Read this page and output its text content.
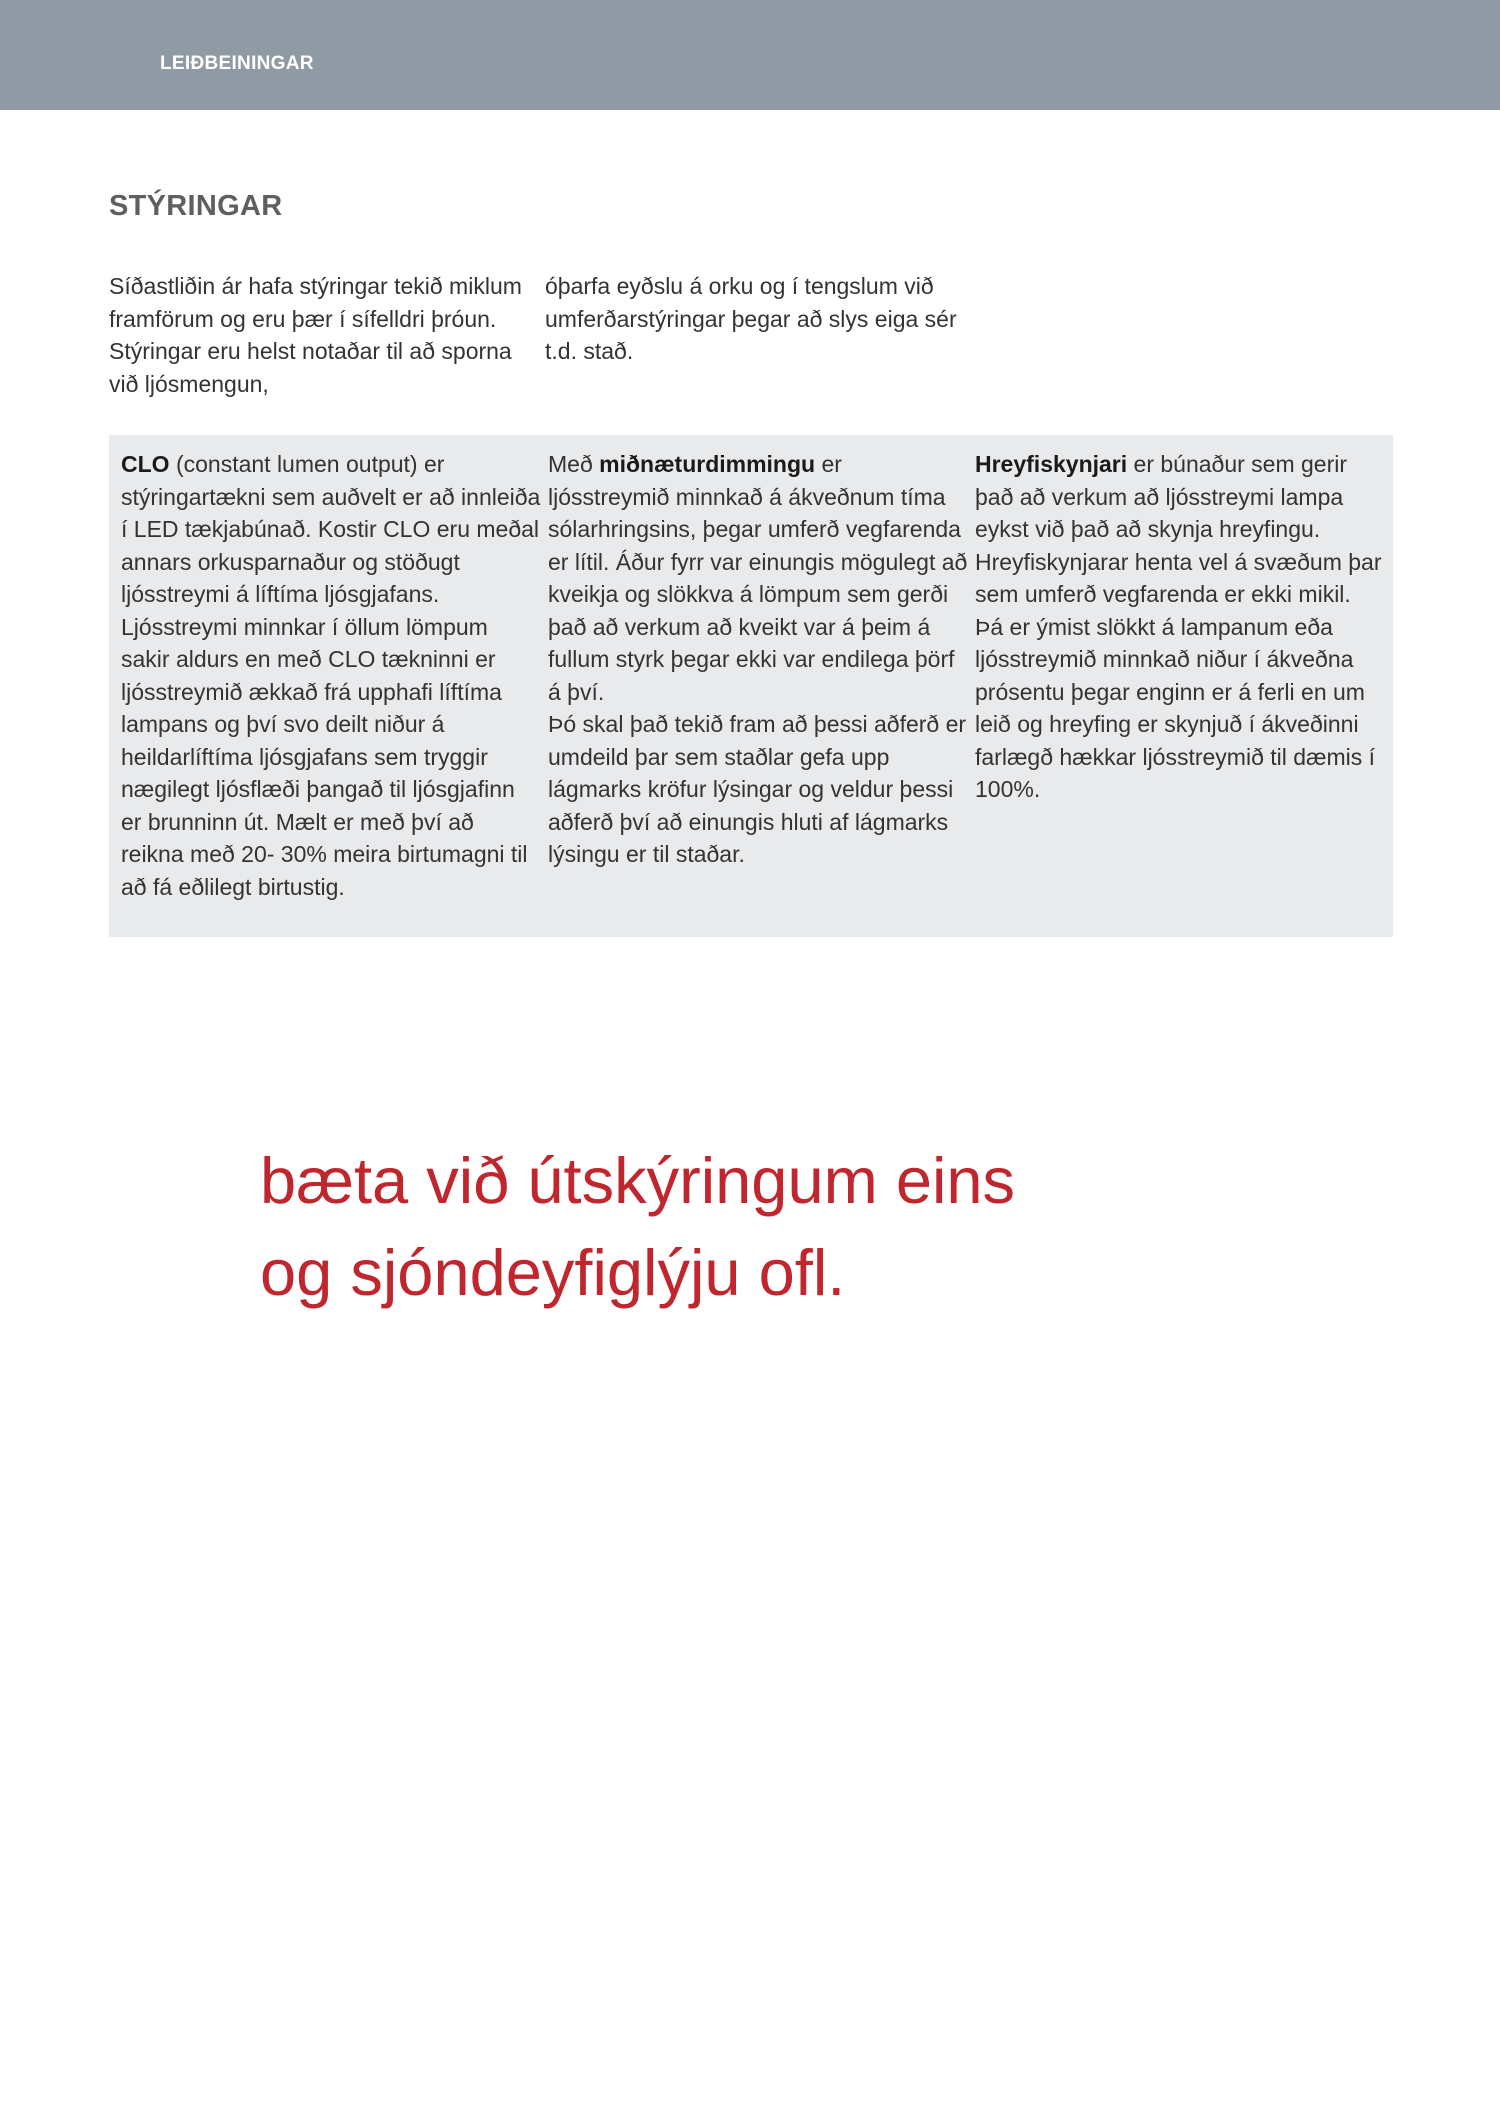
LEIÐBEININGAR
STÝRINGAR

Síðastliðin ár hafa stýringar tekið miklum framförum og eru þær í sífelldri þróun. Stýringar eru helst notaðar til að sporna við ljósmengun,

óþarfa eyðslu á orku og í tengslum við umferðarstýringar þegar að slys eiga sér t.d. stað.

CLO (constant lumen output) er stýringartækni sem auðvelt er að innleiða í LED tækjabúnað. Kostir CLO eru meðal annars orkusparnaður og stöðugt ljósstreymi á líftíma ljósgjafans. Ljósstreymi minnkar í öllum lömpum sakir aldurs en með CLO tækninni er ljósstreymið ækkað frá upphafi líftíma lampans og því svo deilt niður á heildarlíftíma ljósgjafans sem tryggir nægilegt ljósflæði þangað til ljósgjafinn er brunninn út. Mælt er með því að reikna með 20- 30% meira birtumagni til að fá eðlilegt birtustig.

Með miðnæturdimmingu er ljósstreymið minnkað á ákveðnum tíma sólarhringsins, þegar umferð vegfarenda er lítil. Áður fyrr var einungis mögulegt að kveikja og slökkva á lömpum sem gerði það að verkum að kveikt var á þeim á fullum styrk þegar ekki var endilega þörf á því.
Þó skal það tekið fram að þessi aðferð er umdeild þar sem staðlar gefa upp lágmarks kröfur lýsingar og veldur þessi aðferð því að einungis hluti af lágmarks lýsingu er til staðar.

Hreyfiskynjari er búnaður sem gerir það að verkum að ljósstreymi lampa eykst við það að skynja hreyfingu. Hreyfiskynjarar henta vel á svæðum þar sem umferð vegfarenda er ekki mikil. Þá er ýmist slökkt á lampanum eða ljósstreymið minnkað niður í ákveðna prósentu þegar enginn er á ferli en um leið og hreyfing er skynjuð í ákveðinni farlægð hækkar ljósstreymið til dæmis í 100%.

bæta við útskýringum eins
og sjóndeyfiglýju ofl.
